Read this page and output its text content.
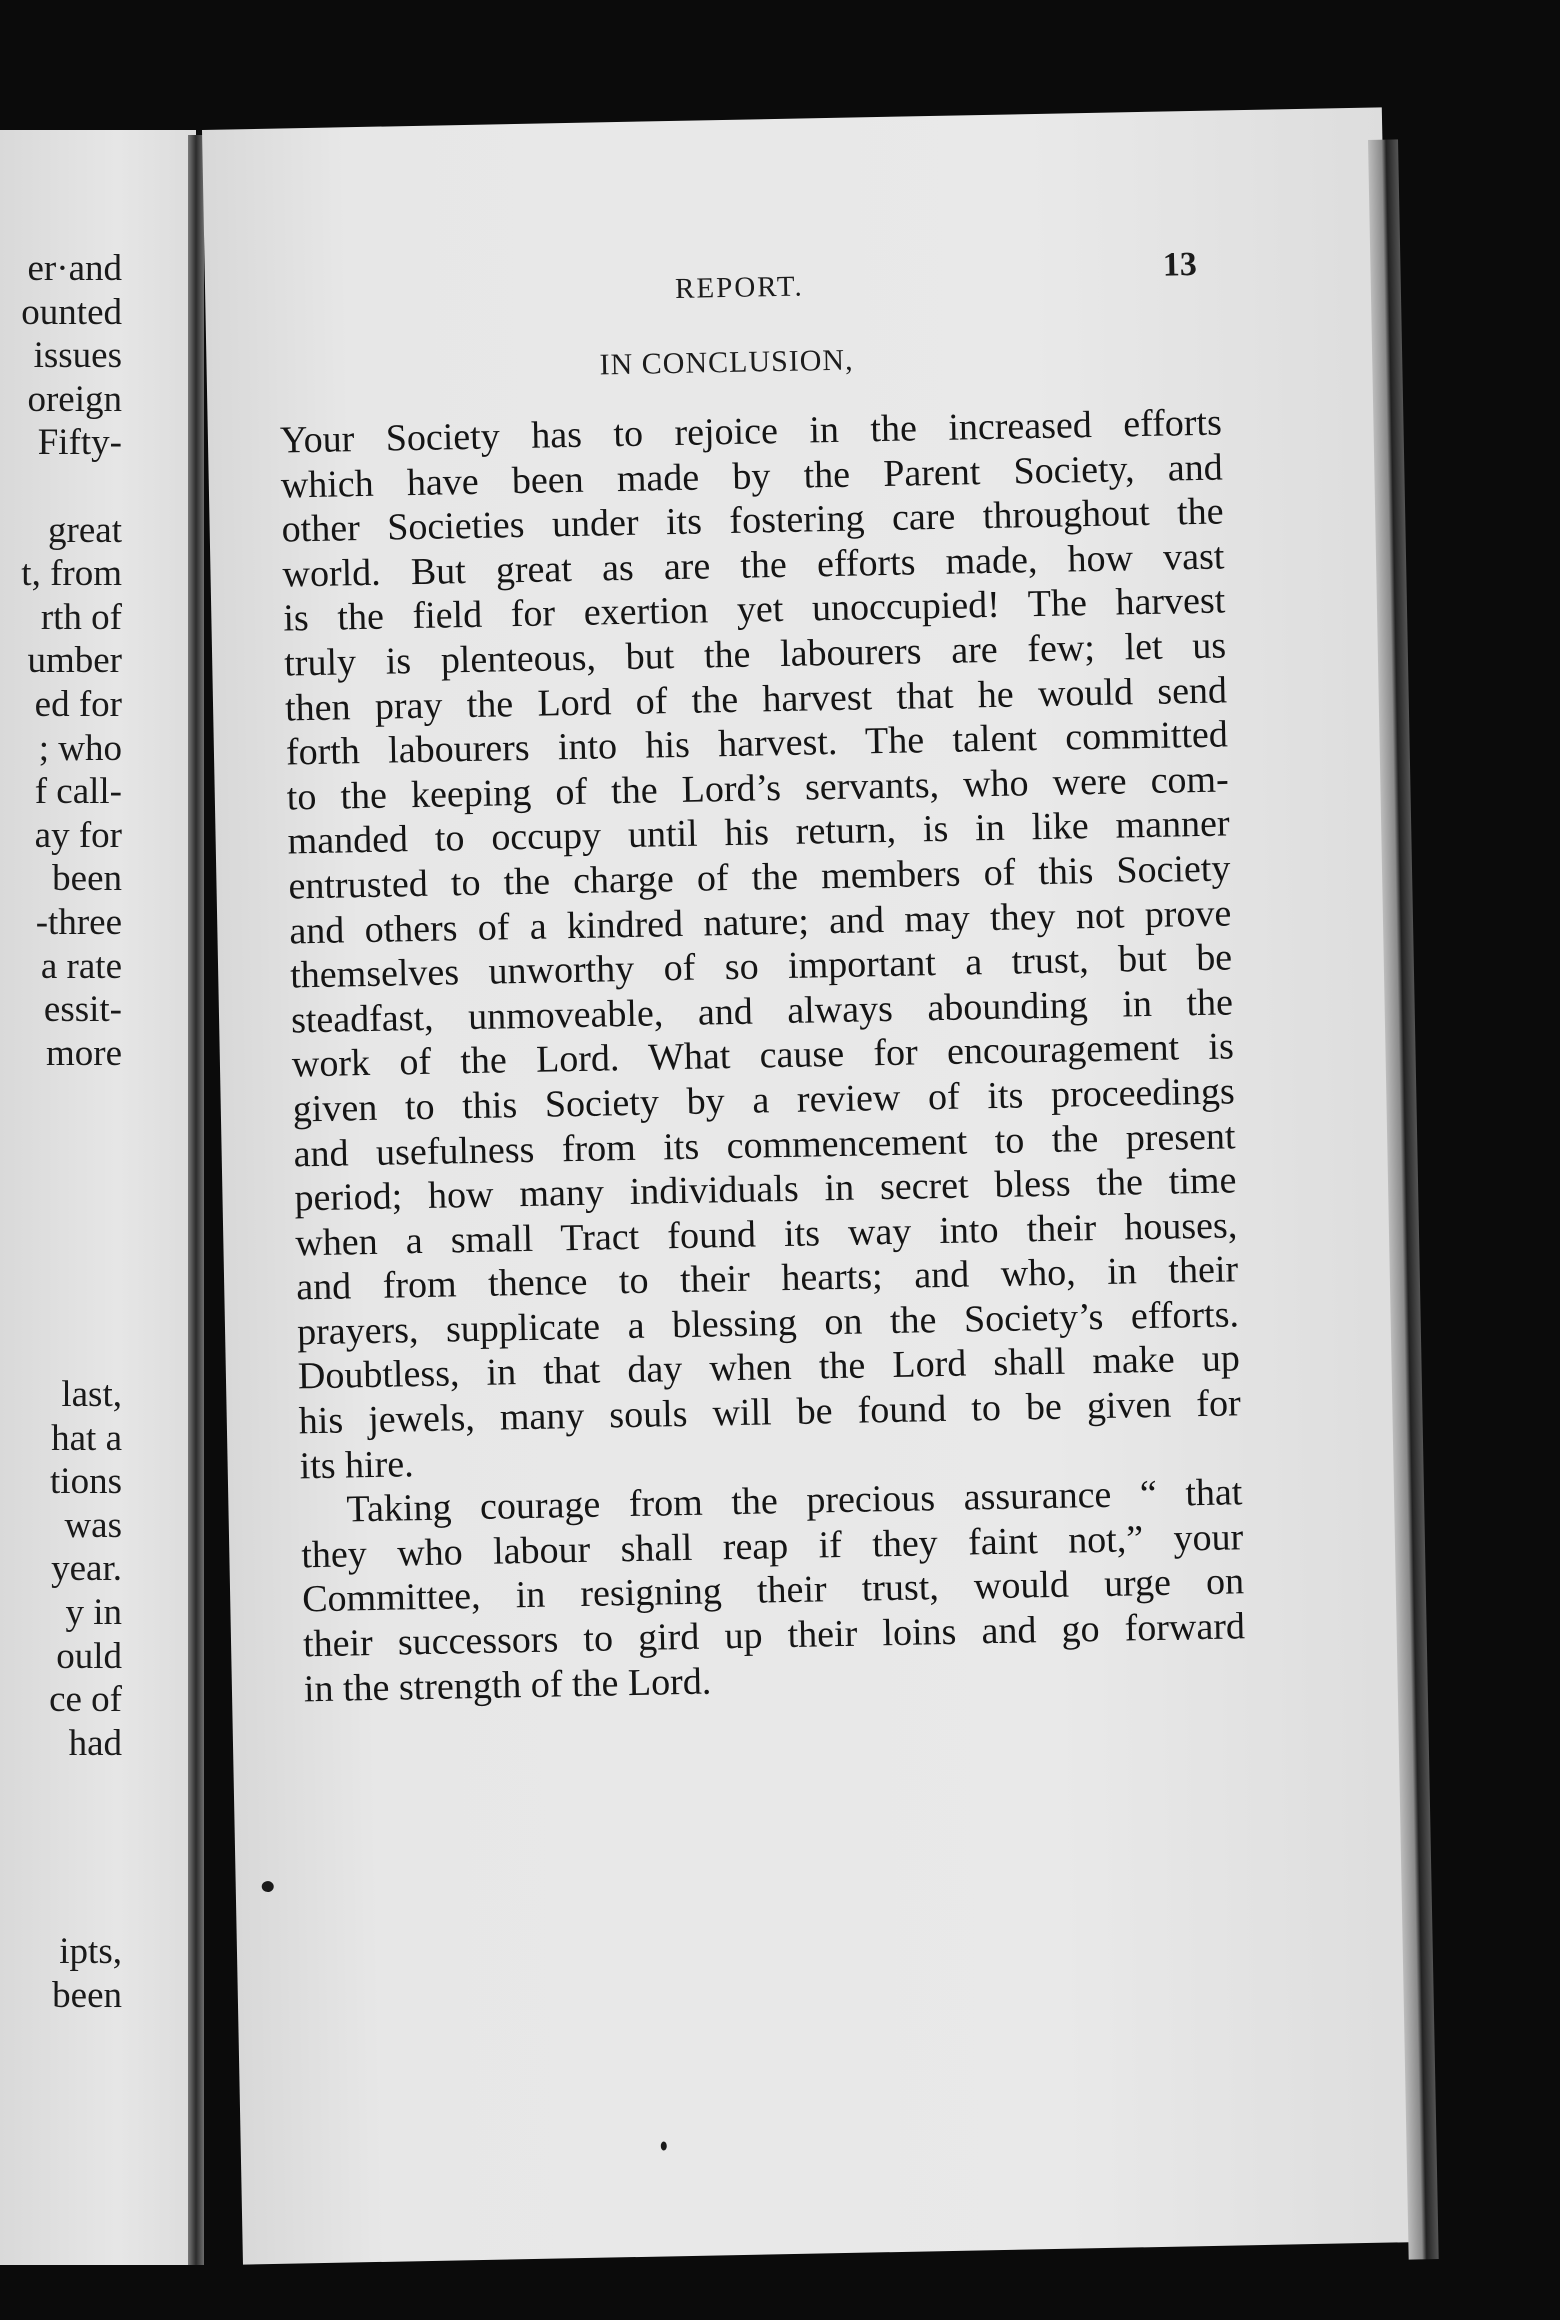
er·and
ounted
issues
oreign
Fifty-

great
t, from
rth of
umber
ed for
; who
f call-
ay for
been
-three
a rate
essit-
more
last,
hat a
tions
was
year.
y in
ould
ce of
had
ipts,
been
REPORT.
13
IN CONCLUSION,
Your Society has to rejoice in the increased efforts
which have been made by the Parent Society, and
other Societies under its fostering care throughout the
world. But great as are the efforts made, how vast
is the field for exertion yet unoccupied! The harvest
truly is plenteous, but the labourers are few; let us
then pray the Lord of the harvest that he would send
forth labourers into his harvest. The talent committed
to the keeping of the Lord’s servants, who were com-
manded to occupy until his return, is in like manner
entrusted to the charge of the members of this Society
and others of a kindred nature; and may they not prove
themselves unworthy of so important a trust, but be
steadfast, unmoveable, and always abounding in the
work of the Lord. What cause for encouragement is
given to this Society by a review of its proceedings
and usefulness from its commencement to the present
period; how many individuals in secret bless the time
when a small Tract found its way into their houses,
and from thence to their hearts; and who, in their
prayers, supplicate a blessing on the Society’s efforts.
Doubtless, in that day when the Lord shall make up
his jewels, many souls will be found to be given for
its hire.
Taking courage from the precious assurance “ that
they who labour shall reap if they faint not,” your
Committee, in resigning their trust, would urge on
their successors to gird up their loins and go forward
in the strength of the Lord.
